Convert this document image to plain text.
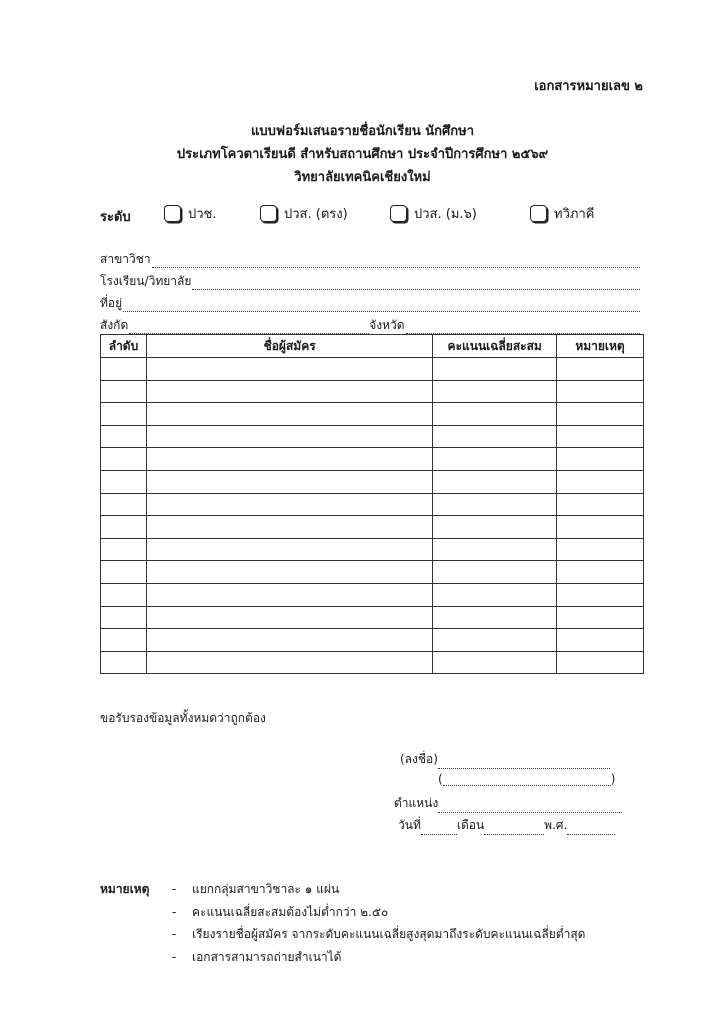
เอกสารหมายเลข ๒
แบบฟอร์มเสนอรายชื่อนักเรียน นักศึกษา
ประเภทโควตาเรียนดี สำหรับสถานศึกษา ประจำปีการศึกษา ๒๕๖๙
วิทยาลัยเทคนิคเชียงใหม่
ระดับ	ปวช.	ปวส. (ตรง)	ปวส. (ม.๖)	ทวิภาคี
สาขาวิชา
โรงเรียน/วิทยาลัย
ที่อยู่
สังกัด	จังหวัด
ลำดับ	ชื่อผู้สมัคร	คะแนนเฉลี่ยสะสม	หมายเหตุ

ขอรับรองข้อมูลทั้งหมดว่าถูกต้อง
(ลงชื่อ)
(	)
ตำแหน่ง
วันที่	เดือน	พ.ศ.
หมายเหตุ - แยกกลุ่มสาขาวิชาละ ๑ แผ่น
- คะแนนเฉลี่ยสะสมต้องไม่ต่ำกว่า ๒.๕๐
- เรียงรายชื่อผู้สมัคร จากระดับคะแนนเฉลี่ยสูงสุดมาถึงระดับคะแนนเฉลี่ยต่ำสุด
- เอกสารสามารถถ่ายสำเนาได้
